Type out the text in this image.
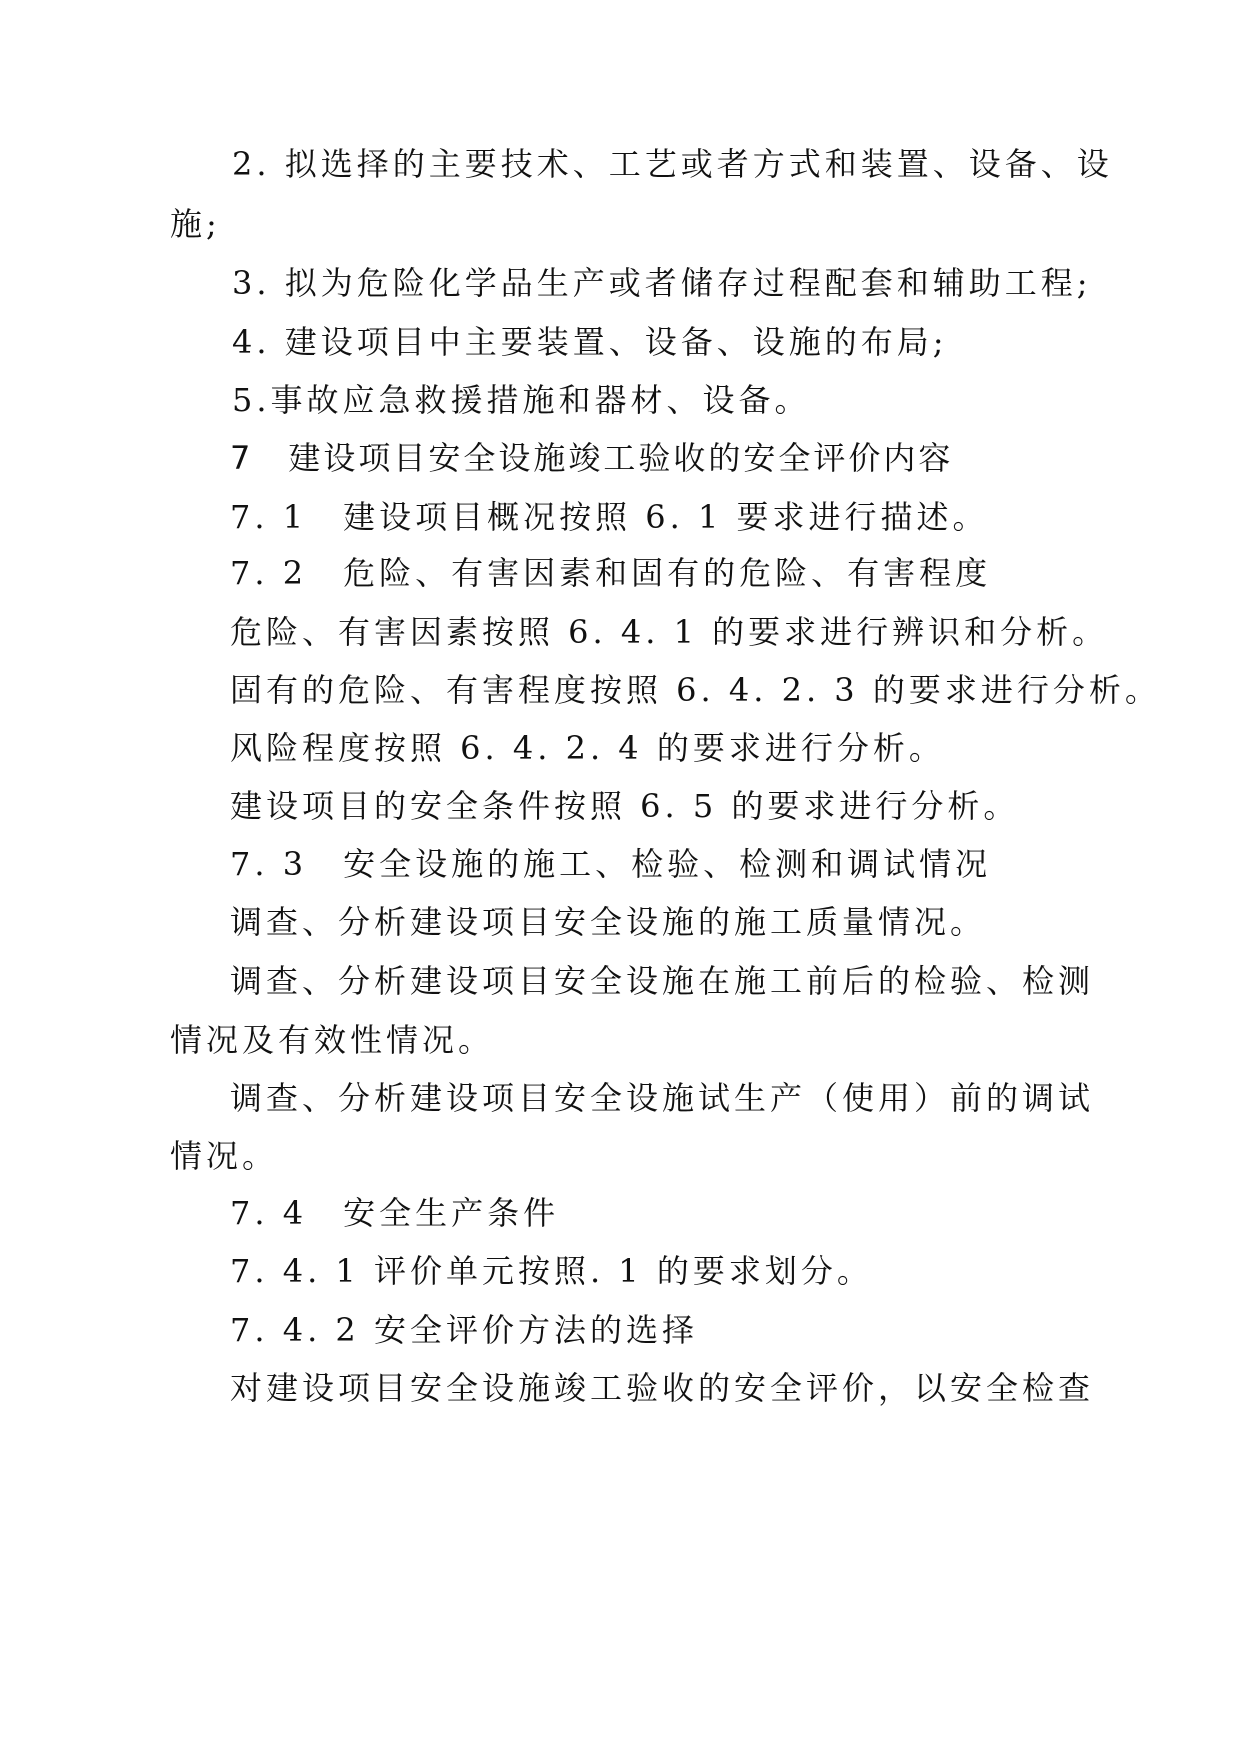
2. 拟选择的主要技术、工艺或者方式和装置、设备、设
施;
3. 拟为危险化学品生产或者储存过程配套和辅助工程;
4. 建设项目中主要装置、设备、设施的布局;
5.事故应急救援措施和器材、设备。
7　建设项目安全设施竣工验收的安全评价内容
7. 1　建设项目概况按照 6. 1 要求进行描述。
7. 2　危险、有害因素和固有的危险、有害程度
危险、有害因素按照 6. 4. 1 的要求进行辨识和分析。
固有的危险、有害程度按照 6. 4. 2. 3 的要求进行分析。
风险程度按照 6. 4. 2. 4 的要求进行分析。
建设项目的安全条件按照 6. 5 的要求进行分析。
7. 3　安全设施的施工、检验、检测和调试情况
调查、分析建设项目安全设施的施工质量情况。
调查、分析建设项目安全设施在施工前后的检验、检测
情况及有效性情况。
调查、分析建设项目安全设施试生产（使用）前的调试
情况。
7. 4　安全生产条件
7. 4. 1 评价单元按照. 1 的要求划分。
7. 4. 2 安全评价方法的选择
对建设项目安全设施竣工验收的安全评价，以安全检查
